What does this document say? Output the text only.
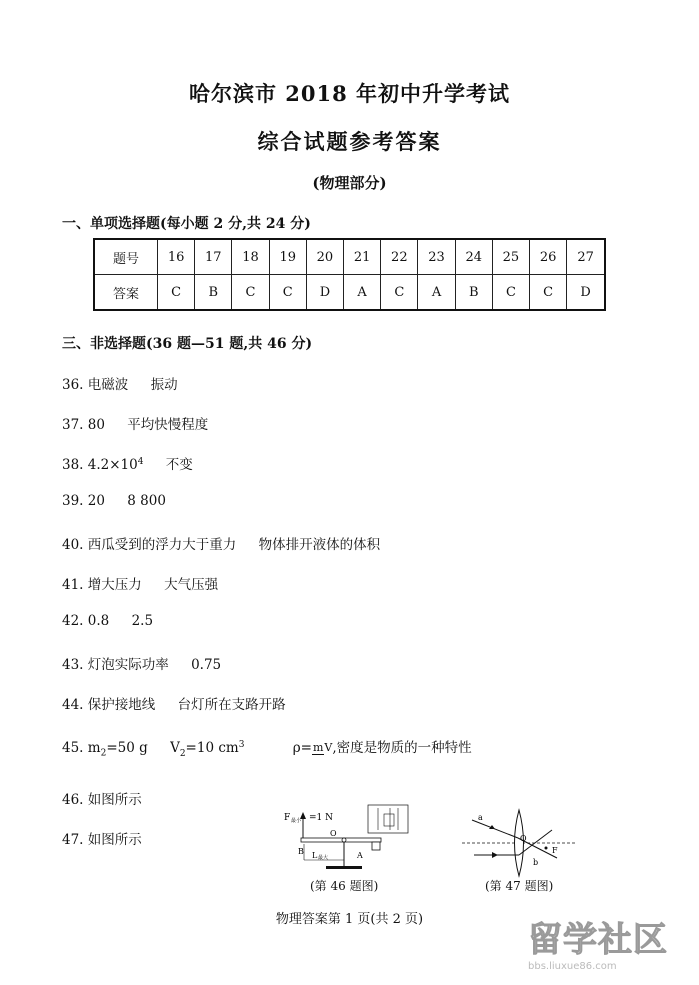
哈尔滨市 2018 年初中升学考试
综合试题参考答案
(物理部分)
一、单项选择题(每小题 2 分,共 24 分)
题号	16	17	18	19	20	21	22	23	24	25	26	27
答案	C	B	C	C	D	A	C	A	B	C	C	D
三、非选择题(36 题—51 题,共 46 分)
36. 电磁波 振动
37. 80 平均快慢程度
38. $4.2\times 10^4$ 不变
39. 20 8 800
40. 西瓜受到的浮力大于重力 物体排开液体的体积
41. 增大压力 大气压强
42. 0.8 2.5
43. 灯泡实际功率 0.75
44. 保护接地线 台灯所在支路开路
45. $m_2=50$ g $V_2=10$ $cm^3$	ρ=mV,密度是物质的一种特性
46. 如图所示
47. 如图所示
F 最小 =1 N
O
A
B L 最大
(第 46 题图)
a
b
O
F
(第 47 题图)
物理答案第 1 页(共 2 页)
留学社区
bbs.liuxue86.com
